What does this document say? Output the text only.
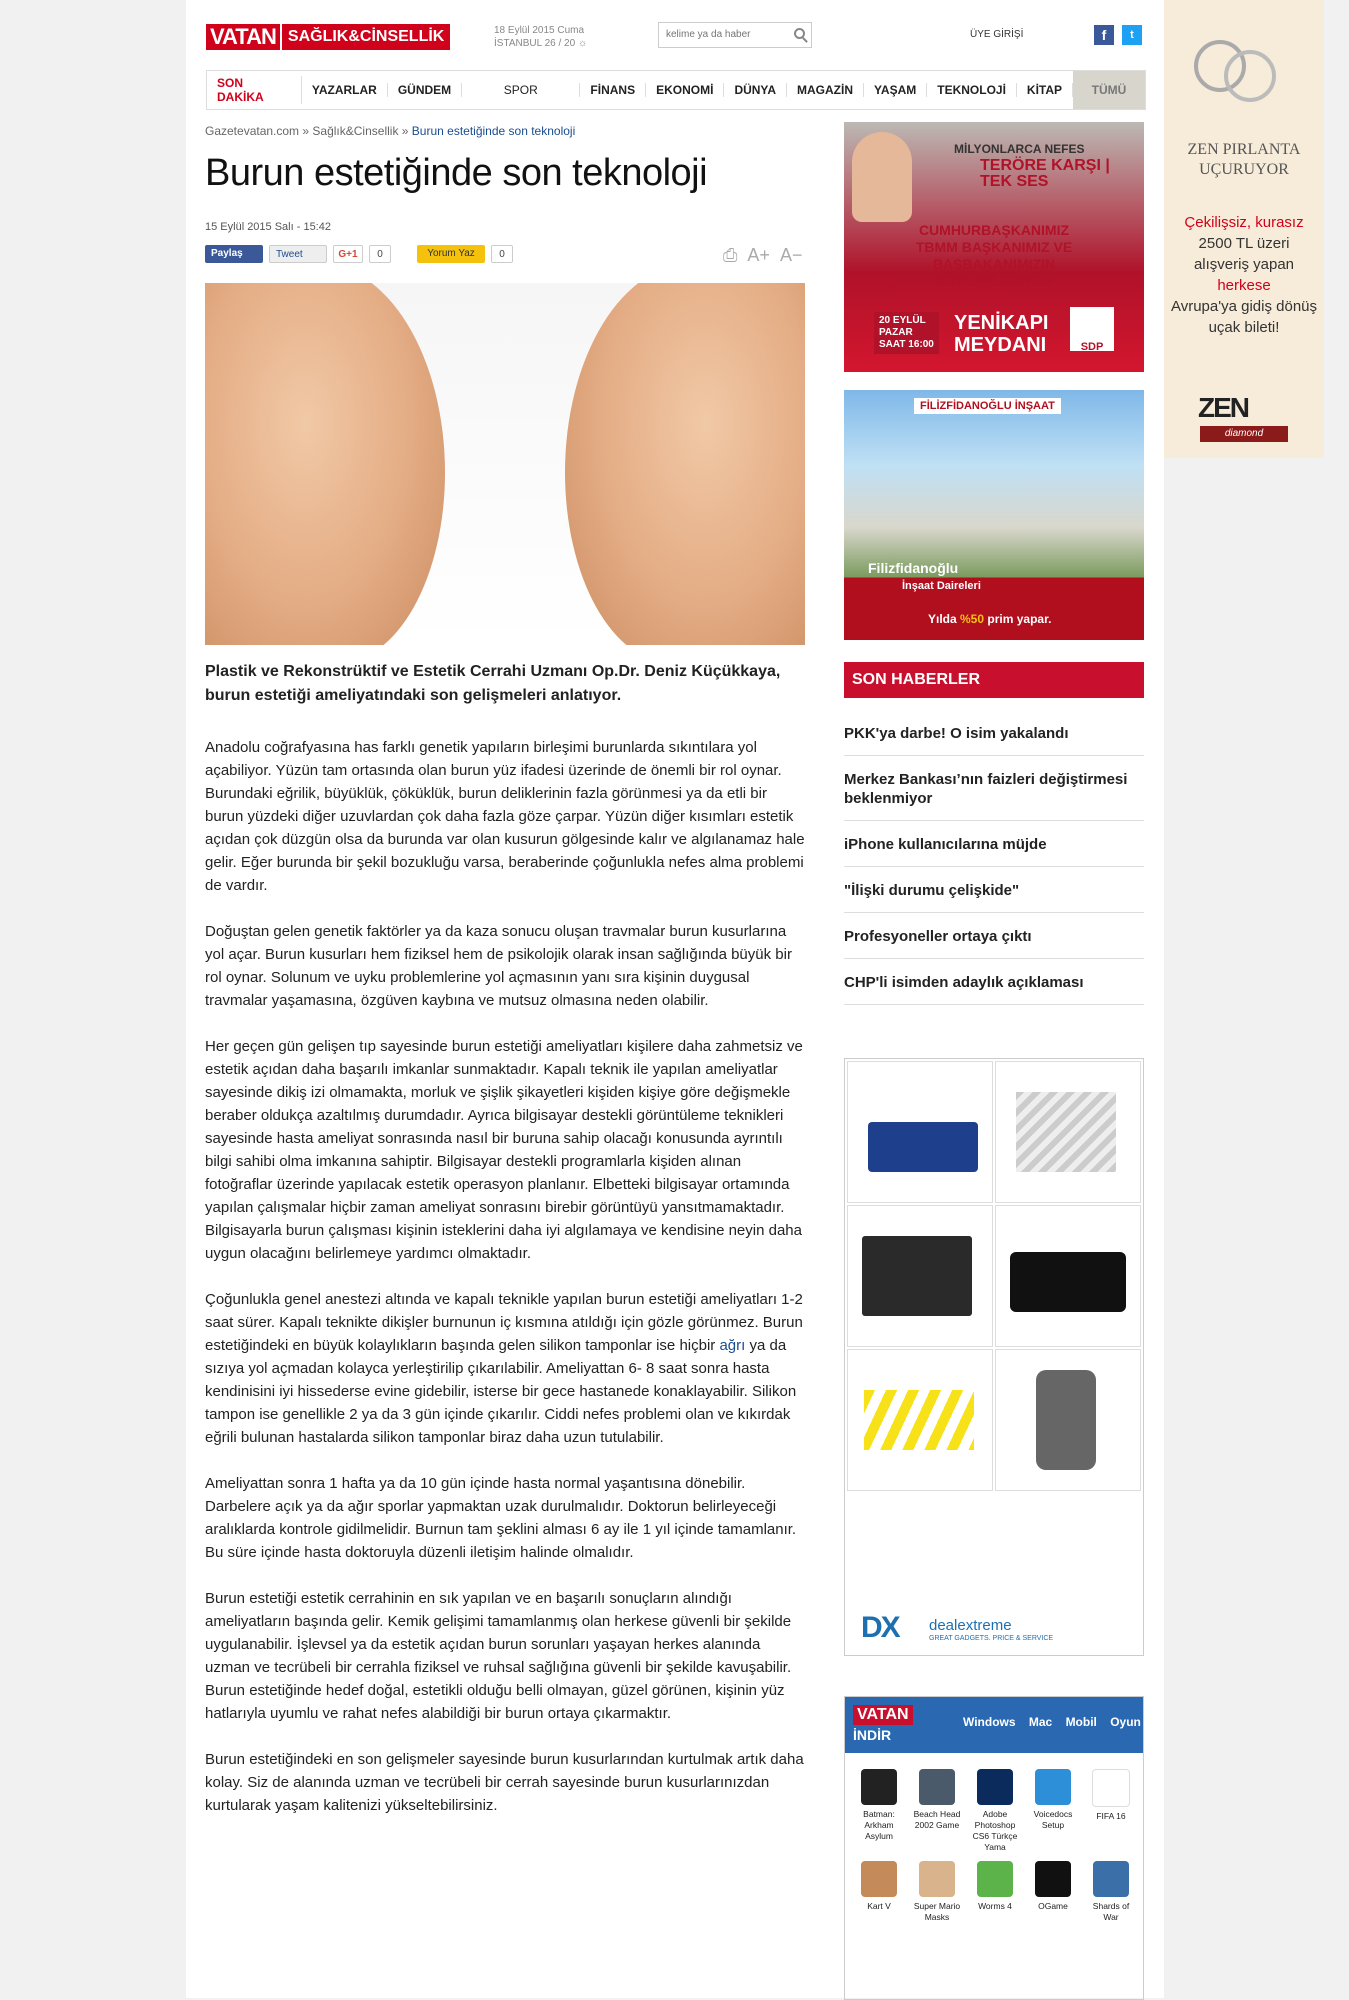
VATAN SAĞLIK&CİNSELLİK	18 Eylül 2015 Cuma
İSTANBUL 26 / 20 ☼
kelime ya da haber
ÜYE GİRİŞİ	f	t
SON DAKİKA	YAZARLAR	GÜNDEM	SPOR	FİNANS	EKONOMİ	DÜNYA	MAGAZİN	YAŞAM	TEKNOLOJİ	KİTAP	TÜMÜ
Gazetevatan.com » Sağlık&Cinsellik » Burun estetiğinde son teknoloji
Burun estetiğinde son teknoloji
15 Eylül 2015 Salı - 15:42
Paylaş	Tweet	G+1	0	Yorum Yaz	0	⎙ A+ A−
Plastik ve Rekonstrüktif ve Estetik Cerrahi Uzmanı Op.Dr. Deniz Küçükkaya, burun estetiği ameliyatındaki son gelişmeleri anlatıyor.

Anadolu coğrafyasına has farklı genetik yapıların birleşimi burunlarda sıkıntılara yol açabiliyor. Yüzün tam ortasında olan burun yüz ifadesi üzerinde de önemli bir rol oynar. Burundaki eğrilik, büyüklük, çöküklük, burun deliklerinin fazla görünmesi ya da etli bir burun yüzdeki diğer uzuvlardan çok daha fazla göze çarpar. Yüzün diğer kısımları estetik açıdan çok düzgün olsa da burunda var olan kusurun gölgesinde kalır ve algılanamaz hale gelir. Eğer burunda bir şekil bozukluğu varsa, beraberinde çoğunlukla nefes alma problemi de vardır.

Doğuştan gelen genetik faktörler ya da kaza sonucu oluşan travmalar burun kusurlarına yol açar. Burun kusurları hem fiziksel hem de psikolojik olarak insan sağlığında büyük bir rol oynar. Solunum ve uyku problemlerine yol açmasının yanı sıra kişinin duygusal travmalar yaşamasına, özgüven kaybına ve mutsuz olmasına neden olabilir.

Her geçen gün gelişen tıp sayesinde burun estetiği ameliyatları kişilere daha zahmetsiz ve estetik açıdan daha başarılı imkanlar sunmaktadır. Kapalı teknik ile yapılan ameliyatlar sayesinde dikiş izi olmamakta, morluk ve şişlik şikayetleri kişiden kişiye göre değişmekle beraber oldukça azaltılmış durumdadır. Ayrıca bilgisayar destekli görüntüleme teknikleri sayesinde hasta ameliyat sonrasında nasıl bir buruna sahip olacağı konusunda ayrıntılı bilgi sahibi olma imkanına sahiptir. Bilgisayar destekli programlarla kişiden alınan fotoğraflar üzerinde yapılacak estetik operasyon planlanır. Elbetteki bilgisayar ortamında yapılan çalışmalar hiçbir zaman ameliyat sonrasını birebir görüntüyü yansıtmamaktadır. Bilgisayarla burun çalışması kişinin isteklerini daha iyi algılamaya ve kendisine neyin daha uygun olacağını belirlemeye yardımcı olmaktadır.

Çoğunlukla genel anestezi altında ve kapalı teknikle yapılan burun estetiği ameliyatları 1-2 saat sürer. Kapalı teknikte dikişler burnunun iç kısmına atıldığı için gözle görünmez. Burun estetiğindeki en büyük kolaylıkların başında gelen silikon tamponlar ise hiçbir ağrı ya da sızıya yol açmadan kolayca yerleştirilip çıkarılabilir. Ameliyattan 6- 8 saat sonra hasta kendinisini iyi hissederse evine gidebilir, isterse bir gece hastanede konaklayabilir. Silikon tampon ise genellikle 2 ya da 3 gün içinde çıkarılır. Ciddi nefes problemi olan ve kıkırdak eğrili bulunan hastalarda silikon tamponlar biraz daha uzun tutulabilir.

Ameliyattan sonra 1 hafta ya da 10 gün içinde hasta normal yaşantısına dönebilir. Darbelere açık ya da ağır sporlar yapmaktan uzak durulmalıdır. Doktorun belirleyeceği aralıklarda kontrole gidilmelidir. Burnun tam şeklini alması 6 ay ile 1 yıl içinde tamamlanır. Bu süre içinde hasta doktoruyla düzenli iletişim halinde olmalıdır.

Burun estetiği estetik cerrahinin en sık yapılan ve en başarılı sonuçların alındığı ameliyatların başında gelir. Kemik gelişimi tamamlanmış olan herkese güvenli bir şekilde uygulanabilir. İşlevsel ya da estetik açıdan burun sorunları yaşayan herkes alanında uzman ve tecrübeli bir cerrahla fiziksel ve ruhsal sağlığına güvenli bir şekilde kavuşabilir. Burun estetiğinde hedef doğal, estetikli olduğu belli olmayan, güzel görünen, kişinin yüz hatlarıyla uyumlu ve rahat nefes alabildiği bir burun ortaya çıkarmaktır.

Burun estetiğindeki en son gelişmeler sayesinde burun kusurlarından kurtulmak artık daha kolay. Siz de alanında uzman ve tecrübeli bir cerrah sayesinde burun kusurlarınızdan kurtularak yaşam kalitenizi yükseltebilirsiniz.

MİLYONLARCA NEFES
TERÖRE KARŞI | TEK SES
CUMHURBAŞKANIMIZ
TBMM BAŞKANIMIZ VE
BAŞBAKANIMIZIN
KATILIMLARIYLA
20 EYLÜL
PAZAR
SAAT 16:00
YENİKAPI
MEYDANI	SDP
FİLİZFİDANOĞLU İNŞAAT
Filizfidanoğlu
İnşaat Daireleri
Yılda %50 prim yapar.
SON HABERLER
PKK'ya darbe! O isim yakalandı
Merkez Bankası’nın faizleri değiştirmesi beklenmiyor
iPhone kullanıcılarına müjde
"İlişki durumu çelişkide"
Profesyoneller ortaya çıktı
CHP'li isimden adaylık açıklaması
DX dealextreme
GREAT GADGETS. PRICE & SERVICE
VATAN
İNDİR
Windows Mac Mobil Oyun
Batman: Arkham Asylum
Beach Head 2002 Game
Adobe Photoshop CS6 Türkçe Yama
Voicedocs Setup
FIFA 16
Kart V	Super Mario Masks
Worms 4	OGame	Shards of War
ZEN PIRLANTA
UÇURUYOR
Çekilişsiz, kurasız
2500 TL üzeri
alışveriş yapan
herkese
Avrupa'ya gidiş dönüş
uçak bileti!
ZEN
diamond
